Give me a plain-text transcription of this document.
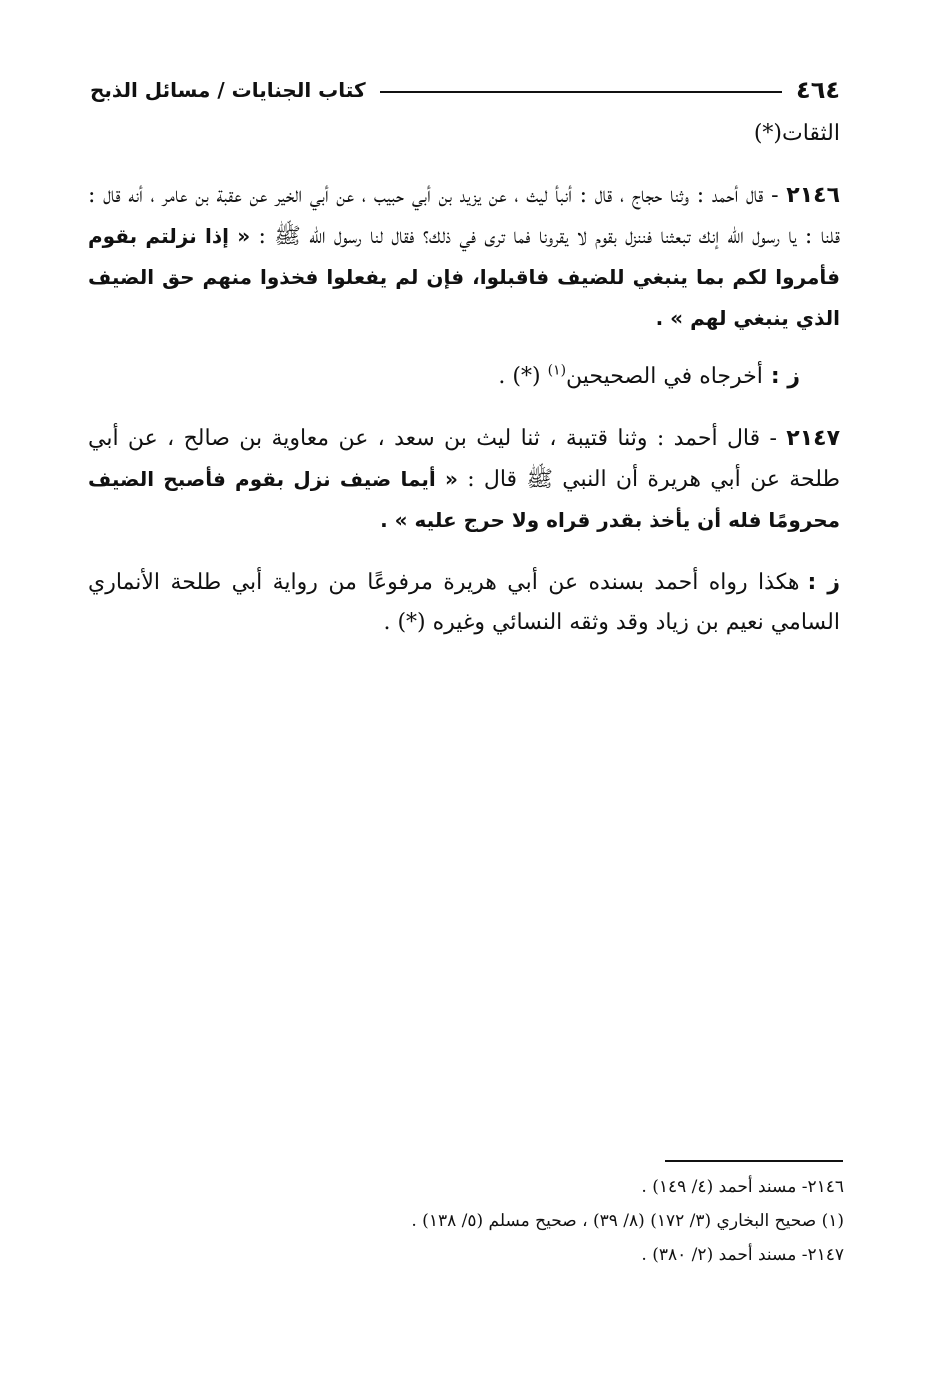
٤٦٤
كتاب الجنايات / مسائل الذبح

الثقات(*)

٢١٤٦ - قال أحمد : وثنا حجاج ، قال : أنبأ ليث ، عن يزيد بن أبي حبيب ، عن أبي الخير عن عقبة بن عامر ، أنه قال : قلنا : يا رسول الله إنك تبعثنا فننزل بقوم لا يقرونا فما ترى في ذلك؟ فقال لنا رسول الله ﷺ : « إذا نزلتم بقوم فأمروا لكم بما ينبغي للضيف فاقبلوا، فإن لم يفعلوا فخذوا منهم حق الضيف الذي ينبغي لهم » .

ز :أخرجاه في الصحيحين$^{(١)}$ (*) .

٢١٤٧ - قال أحمد : وثنا قتيبة ، ثنا ليث بن سعد ، عن معاوية بن صالح ، عن أبي طلحة عن أبي هريرة أن النبي ﷺ قال : « أيما ضيف نزل بقوم فأصبح الضيف محرومًا فله أن يأخذ بقدر قراه ولا حرج عليه » .

ز :هكذا رواه أحمد بسنده عن أبي هريرة مرفوعًا من رواية أبي طلحة الأنماري السامي نعيم بن زياد وقد وثقه النسائي وغيره (*) .

٢١٤٦- مسند أحمد (٤/ ١٤٩) .

(١) صحيح البخاري (٣/ ١٧٢) (٨/ ٣٩) ، صحيح مسلم (٥/ ١٣٨) .

٢١٤٧- مسند أحمد (٢/ ٣٨٠) .
